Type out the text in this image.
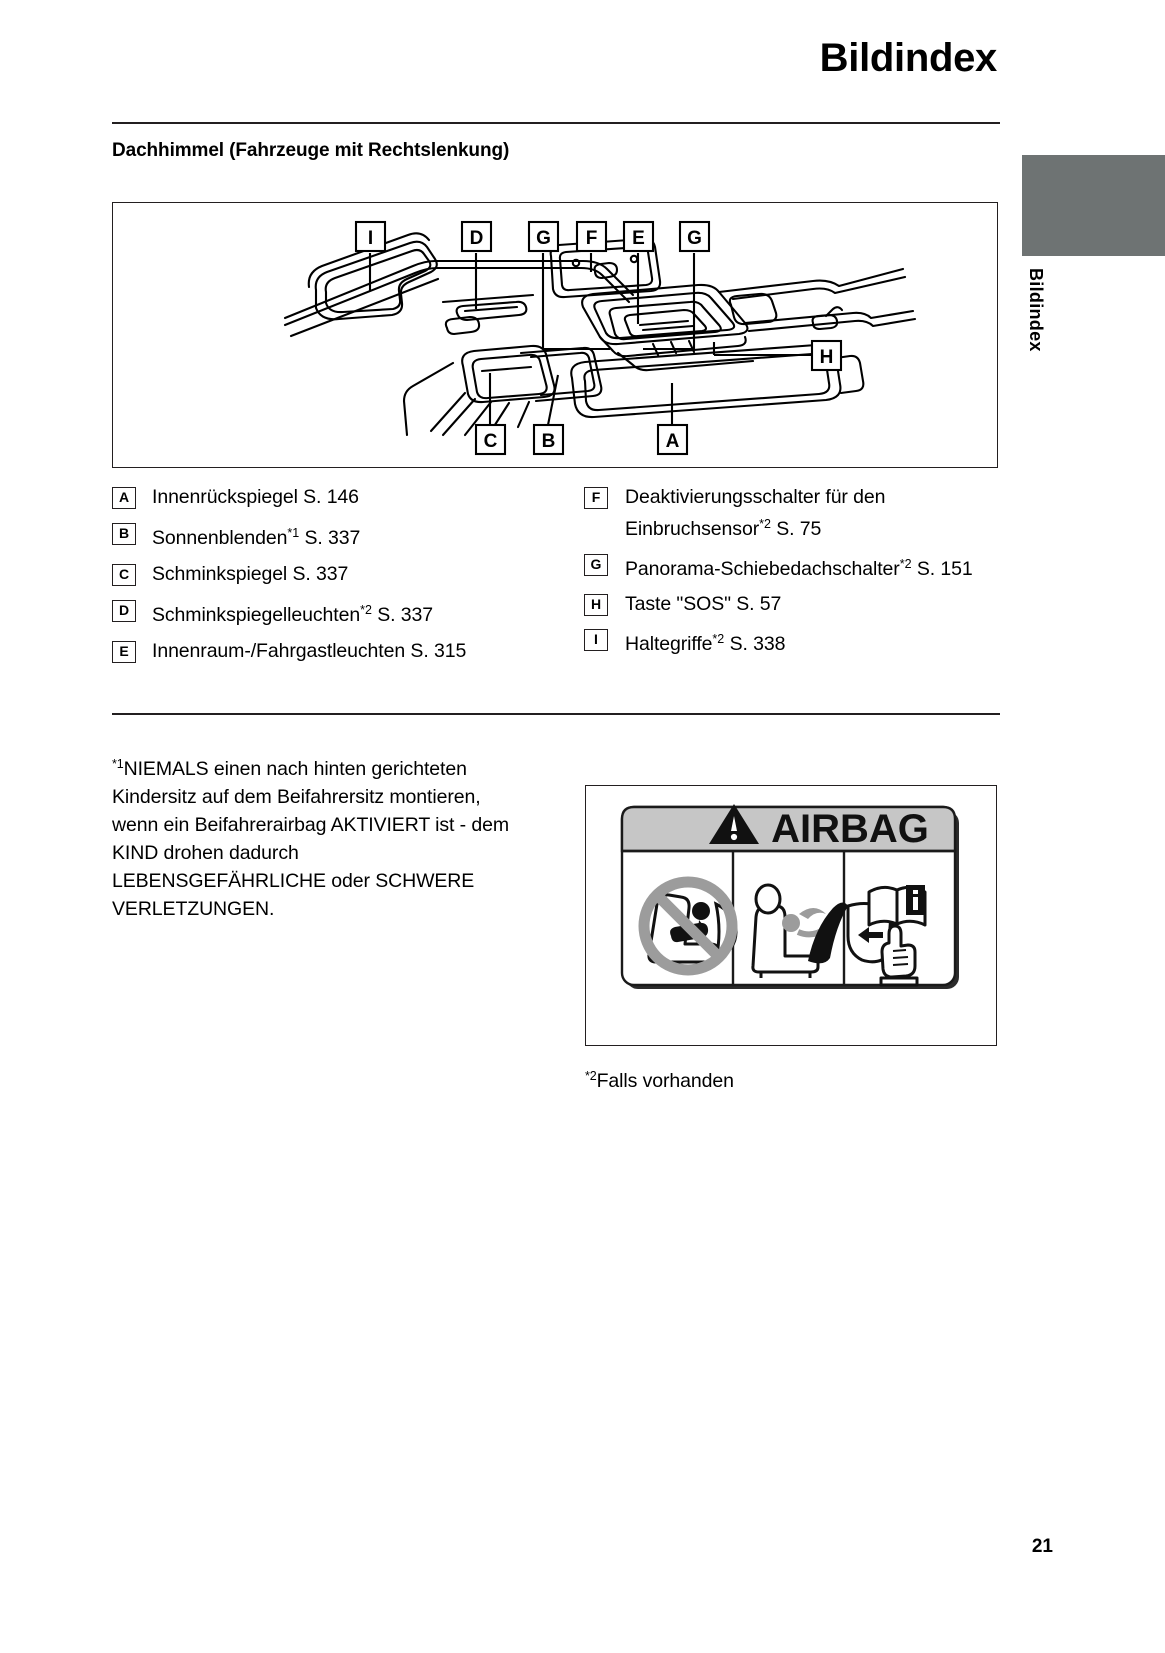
Bildindex
Bildindex
Dachhimmel (Fahrzeuge mit Rechtslenkung)
I	D	G F E G
H
C B	A
A	Innenrückspiegel S. 146
B	Sonnenblenden$^{*1}$ S. 337
C	Schminkspiegel S. 337
D	Schminkspiegelleuchten$^{*2}$ S. 337
E	Innenraum-/Fahrgastleuchten S. 315
F	Deaktivierungsschalter für den Einbruchsensor$^{*2}$ S. 75
G	Panorama-Schiebedachschalter$^{*2}$ S. 151
H	Taste "SOS" S. 57
I	Haltegriffe$^{*2}$ S. 338
$^{*1}$NIEMALS einen nach hinten gerichteten Kindersitz auf dem Beifahrersitz montieren, wenn ein Beifahrerairbag AKTIVIERT ist - dem KIND drohen dadurch LEBENSGEFÄHRLICHE oder SCHWERE VERLETZUNGEN.
AIRBAG
$^{*2}$Falls vorhanden
21
